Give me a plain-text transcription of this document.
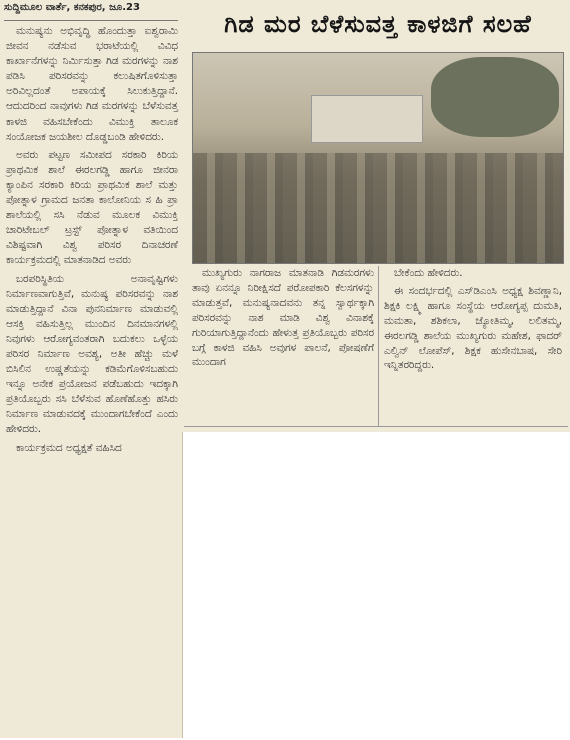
ಸುದ್ದಿಮೂಲ ವಾರ್ತೆ, ಕನಕಪುರ, ಜೂ.23

ಮನುಷ್ಯನು ಅಭಿವೃದ್ಧಿ ಹೊಂದುತ್ತಾ ಐಶ್ವರಾಮಿ ಜೀವನ ನಡೆಸುವ ಭರಾಟೆಯಲ್ಲಿ ವಿವಿಧ ಕಾರ್ಖಾನೆಗಳನ್ನು ನಿರ್ಮಿಸುತ್ತಾ ಗಿಡ ಮರಗಳನ್ನು ನಾಶ ಪಡಿಸಿ ಪರಿಸರವನ್ನು ಕಲುಷಿತಗೊಳಿಸುತ್ತಾ ಅರಿವಿಲ್ಲದಂತೆ ಅಪಾಯಕ್ಕೆ ಸಿಲುಕುತ್ತಿದ್ದಾನೆ. ಆದುದರಿಂದ ನಾವುಗಳು ಗಿಡ ಮರಗಳನ್ನು ಬೆಳೆಸುವತ್ತ ಕಾಳಜಿ ವಹಿಸಬೇಕೆಂದು ವಿಮುಕ್ತಿ ತಾಲೂಕ ಸಂಯೋಜಕ ಜಯಶೀಲ ದೊಡ್ಡಬಂಡಿ ಹೇಳಿದರು.

ಅವರು ಪಟ್ಟಣ ಸಮೀಪದ ಸರಕಾರಿ ಕಿರಿಯ ಪ್ರಾಥಮಿಕ ಶಾಲೆ ಈರಲಗಡ್ಡಿ ಹಾಗೂ ಜೀನರಾ ಕ್ಯಾಂಪಿನ ಸರಕಾರಿ ಕಿರಿಯ ಪ್ರಾಥಮಿಕ ಶಾಲೆ ಮತ್ತು ಪೋತ್ನಾಳ ಗ್ರಾಮದ ಜನತಾ ಕಾಲೋನಿಯ ಸ ಹಿ ಪ್ರಾ ಶಾಲೆಯಲ್ಲಿ ಸಸಿ ನೆಡುವ ಮೂಲಕ ವಿಮುಕ್ತಿ ಚಾರಿಟೇಬಲ್ ಟ್ರಸ್ಟ್ ಪೋತ್ನಾಳ ವತಿಯಿಂದ ವಿಶಿಷ್ಟವಾಗಿ ವಿಶ್ವ ಪರಿಸರ ದಿನಾಚರಣೆ ಕಾರ್ಯಕ್ರಮದಲ್ಲಿ ಮಾತನಾಡಿದ ಅವರು

ಬರಪರಿಸ್ಥಿತಿಯ ಅನಾವೃಷ್ಟಿಗಳು ನಿರ್ಮಾಣವಾಗುತ್ತಿವೆ, ಮನುಷ್ಯ ಪರಿಸರವನ್ನು ನಾಶ ಮಾಡುತ್ತಿದ್ದಾನೆ ವಿನಾ ಪುನನಿರ್ಮಾಣ ಮಾಡುವಲ್ಲಿ ಆಸಕ್ತಿ ವಹಿಸುತ್ತಿಲ್ಲ ಮುಂದಿನ ದಿನಮಾನಗಳಲ್ಲಿ ನಿವುಗಳು ಆರೋಗ್ಯವಂತರಾಗಿ ಬದುಕಲು ಒಳ್ಳೆಯ ಪರಿಸರ ನಿರ್ಮಾಣ ಅವಶ್ಯ, ಅತೀ ಹೆಚ್ಚು ಮಳೆ ಬಿಸಿಲಿನ ಉಷ್ಣತೆಯನ್ನು ಕಡಿಮೆಗೊಳಿಸಬಹುದು ಇನ್ನೂ ಅನೇಕ ಪ್ರಯೋಜನ ಪಡೆಬಹುದು ಇದಕ್ಕಾಗಿ ಪ್ರತಿಯೊಬ್ಬರು ಸಸಿ ಬೆಳೆಸುವ ಹೊಣೆಹೊತ್ತು ಹಸಿರು ನಿರ್ಮಾಣ ಮಾಡುವದಕ್ಕೆ ಮುಂದಾಗಬೇಕೆಂದೆ ಎಂದು ಹೇಳಿದರು.

ಕಾರ್ಯಕ್ರಮದ ಅಧ್ಯಕ್ಷತೆ ವಹಿಸಿದ

ಗಿಡ ಮರ ಬೆಳೆಸುವತ್ತ ಕಾಳಜಿಗೆ ಸಲಹೆ

ಮುಖ್ಯಗುರು ನಾಗರಾಜ ಮಾತನಾಡಿ ಗಿಡಮರಗಳು ತಾವು ಏನನ್ನೂ ನಿರೀಕ್ಷಿಸದೆ ಪರೋಪಕಾರಿ ಕೆಲಸಗಳನ್ನು ಮಾಡುತ್ತವೆ, ಮನುಷ್ಯನಾದವನು ತನ್ನ ಸ್ವಾರ್ಥಕ್ಕಾಗಿ ಪರಿಸರವನ್ನು ನಾಶ ಮಾಡಿ ವಿಶ್ವ ವಿನಾಶಕ್ಕೆ ಗುರಿಯಾಗುತ್ತಿದ್ದಾನೆಂದು ಹೇಳುತ್ತ ಪ್ರತಿಯೊಬ್ಬರು ಪರಿಸರ ಬಗ್ಗೆ ಕಾಳಜಿ ವಹಿಸಿ ಅವುಗಳ ಪಾಲನೆ, ಪೋಷಣೆಗೆ ಮುಂದಾಗ

ಬೇಕೆಂದು ಹೇಳಿದರು.

ಈ ಸಂದರ್ಭದಲ್ಲಿ ಎಸ್‌ಡಿಎಂಸಿ ಅಧ್ಯಕ್ಷ ಶಿವಣ್ಣಾನಿ, ಶಿಕ್ಷಕಿ ಲಕ್ಷ್ಮಿ ಹಾಗೂ ಸಂಸ್ಥೆಯ ಆರೋಗ್ಯಪ್ಪ ದುಮತಿ, ಮಮತಾ, ಶಶಿಕಲಾ, ಜ್ಯೋತಿಮ್ಮ, ಲಲಿತಮ್ಮ, ಈರಲಗಡ್ಡಿ ಶಾಲೆಯ ಮುಖ್ಯಗುರು ಮಹೇಶ, ಫಾದರ್ ಎಲ್ವಿನ್ ಲೋಪೆಸ್, ಶಿಕ್ಷಕ ಹುಸೇನಬಾಷ, ಸೇರಿ ಇನ್ನಿತರರಿದ್ದರು.
